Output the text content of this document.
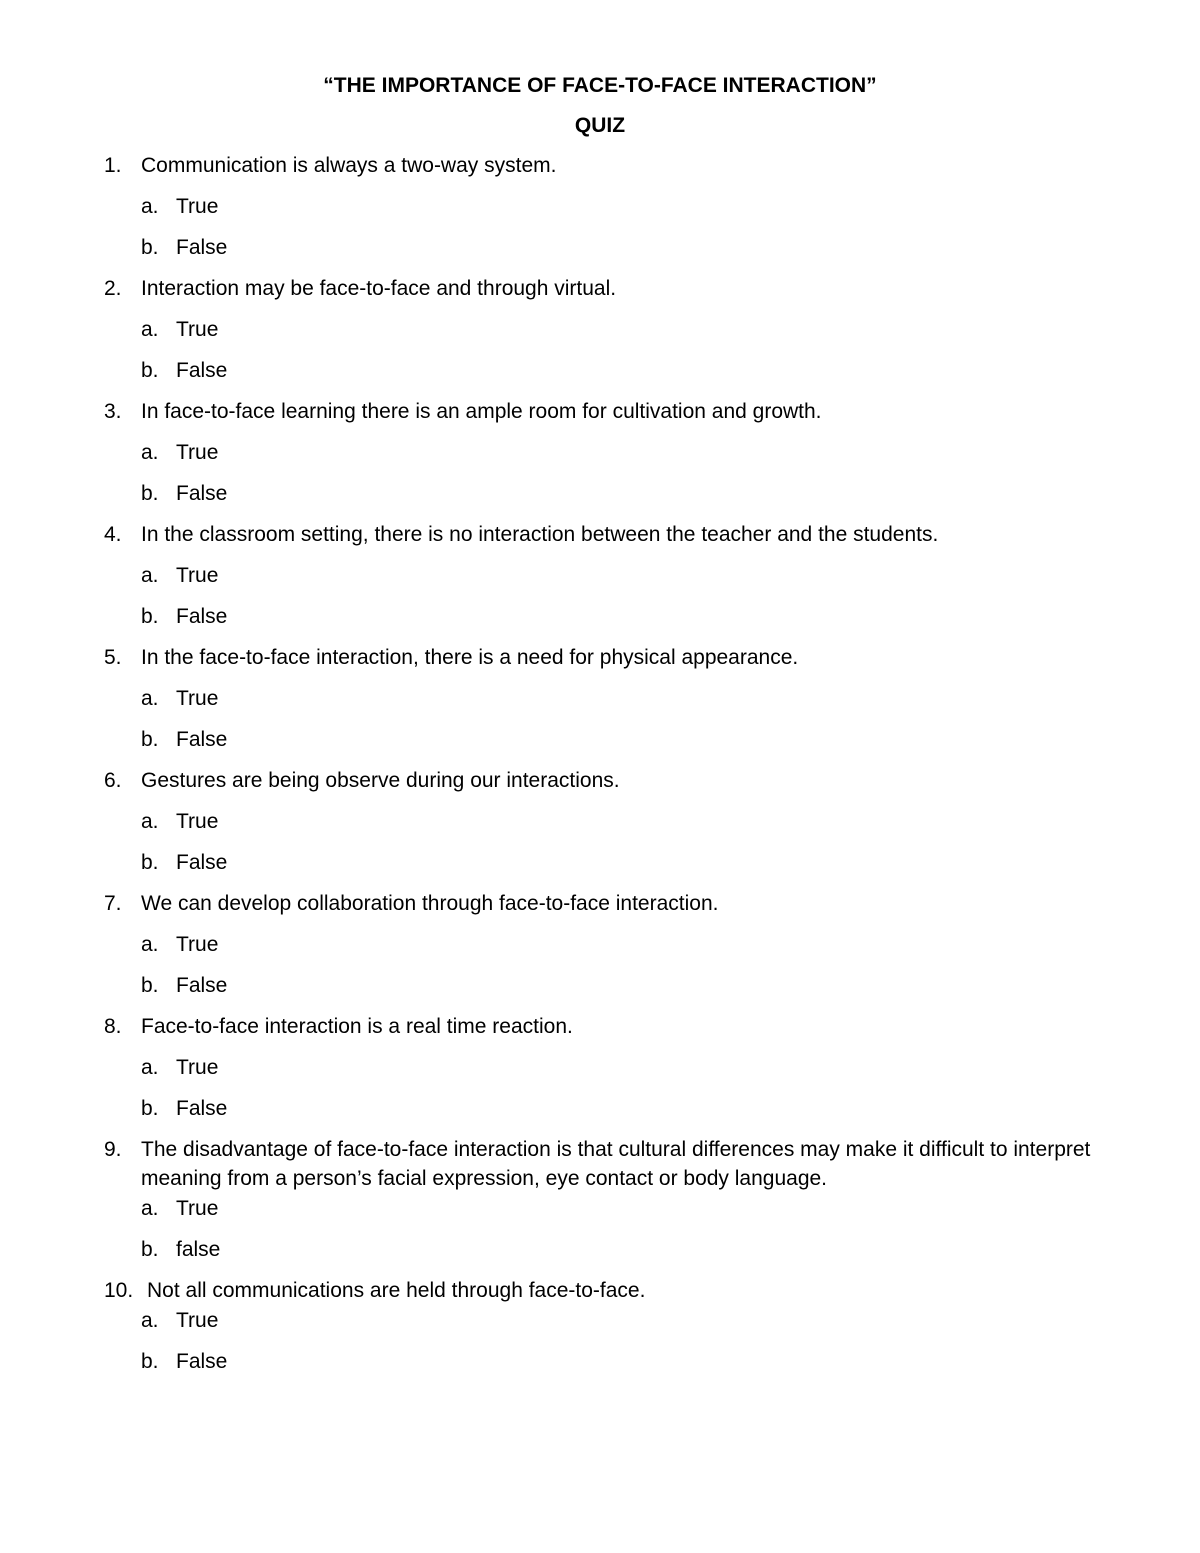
“THE IMPORTANCE OF FACE-TO-FACE INTERACTION”
QUIZ
1. Communication is always a two-way system.
a. True
b. False
2. Interaction may be face-to-face and through virtual.
a. True
b. False
3. In face-to-face learning there is an ample room for cultivation and growth.
a. True
b. False
4. In the classroom setting, there is no interaction between the teacher and the students.
a. True
b. False
5. In the face-to-face interaction, there is a need for physical appearance.
a. True
b. False
6. Gestures are being observe during our interactions.
a. True
b. False
7. We can develop collaboration through face-to-face interaction.
a. True
b. False
8. Face-to-face interaction is a real time reaction.
a. True
b. False
9. The disadvantage of face-to-face interaction is that cultural differences may make it difficult to interpret meaning from a person’s facial expression, eye contact or body language.
a. True
b. false
10. Not all communications are held through face-to-face.
a. True
b. False
